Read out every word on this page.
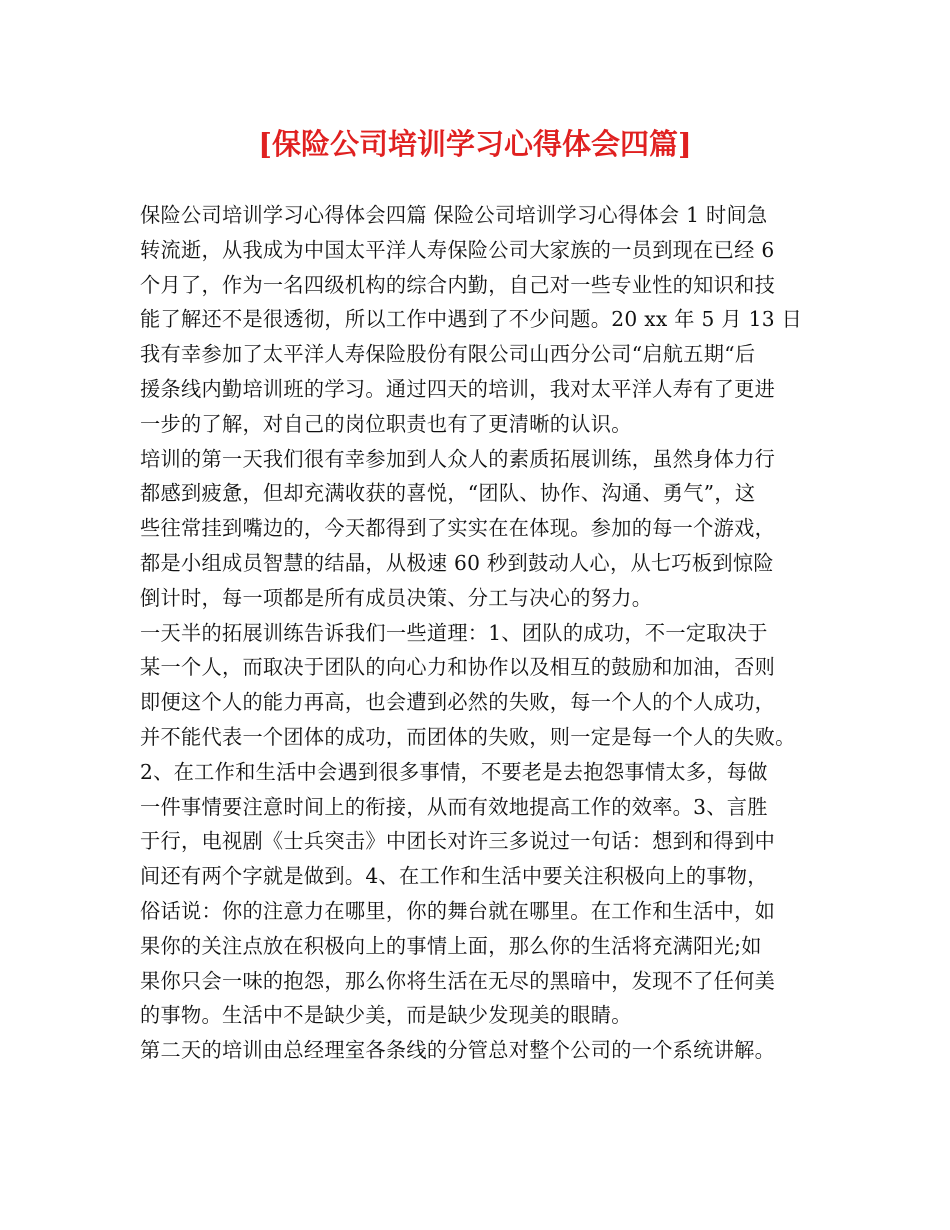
[保险公司培训学习心得体会四篇]
保险公司培训学习心得体会四篇 保险公司培训学习心得体会 1 时间急
转流逝，从我成为中国太平洋人寿保险公司大家族的一员到现在已经 6
个月了，作为一名四级机构的综合内勤，自己对一些专业性的知识和技
能了解还不是很透彻，所以工作中遇到了不少问题。20 xx 年 5 月 13 日
我有幸参加了太平洋人寿保险股份有限公司山西分公司“启航五期“后
援条线内勤培训班的学习。通过四天的培训，我对太平洋人寿有了更进
一步的了解，对自己的岗位职责也有了更清晰的认识。
培训的第一天我们很有幸参加到人众人的素质拓展训练，虽然身体力行
都感到疲惫，但却充满收获的喜悦，“团队、协作、沟通、勇气”，这
些往常挂到嘴边的，今天都得到了实实在在体现。参加的每一个游戏，
都是小组成员智慧的结晶，从极速 60 秒到鼓动人心，从七巧板到惊险
倒计时，每一项都是所有成员决策、分工与决心的努力。
一天半的拓展训练告诉我们一些道理：1、团队的成功，不一定取决于
某一个人，而取决于团队的向心力和协作以及相互的鼓励和加油，否则
即便这个人的能力再高，也会遭到必然的失败，每一个人的个人成功，
并不能代表一个团体的成功，而团体的失败，则一定是每一个人的失败。
2、在工作和生活中会遇到很多事情，不要老是去抱怨事情太多，每做
一件事情要注意时间上的衔接，从而有效地提高工作的效率。3、言胜
于行，电视剧《士兵突击》中团长对许三多说过一句话：想到和得到中
间还有两个字就是做到。4、在工作和生活中要关注积极向上的事物，
俗话说：你的注意力在哪里，你的舞台就在哪里。在工作和生活中，如
果你的关注点放在积极向上的事情上面，那么你的生活将充满阳光;如
果你只会一味的抱怨，那么你将生活在无尽的黑暗中，发现不了任何美
的事物。生活中不是缺少美，而是缺少发现美的眼睛。
第二天的培训由总经理室各条线的分管总对整个公司的一个系统讲解。
